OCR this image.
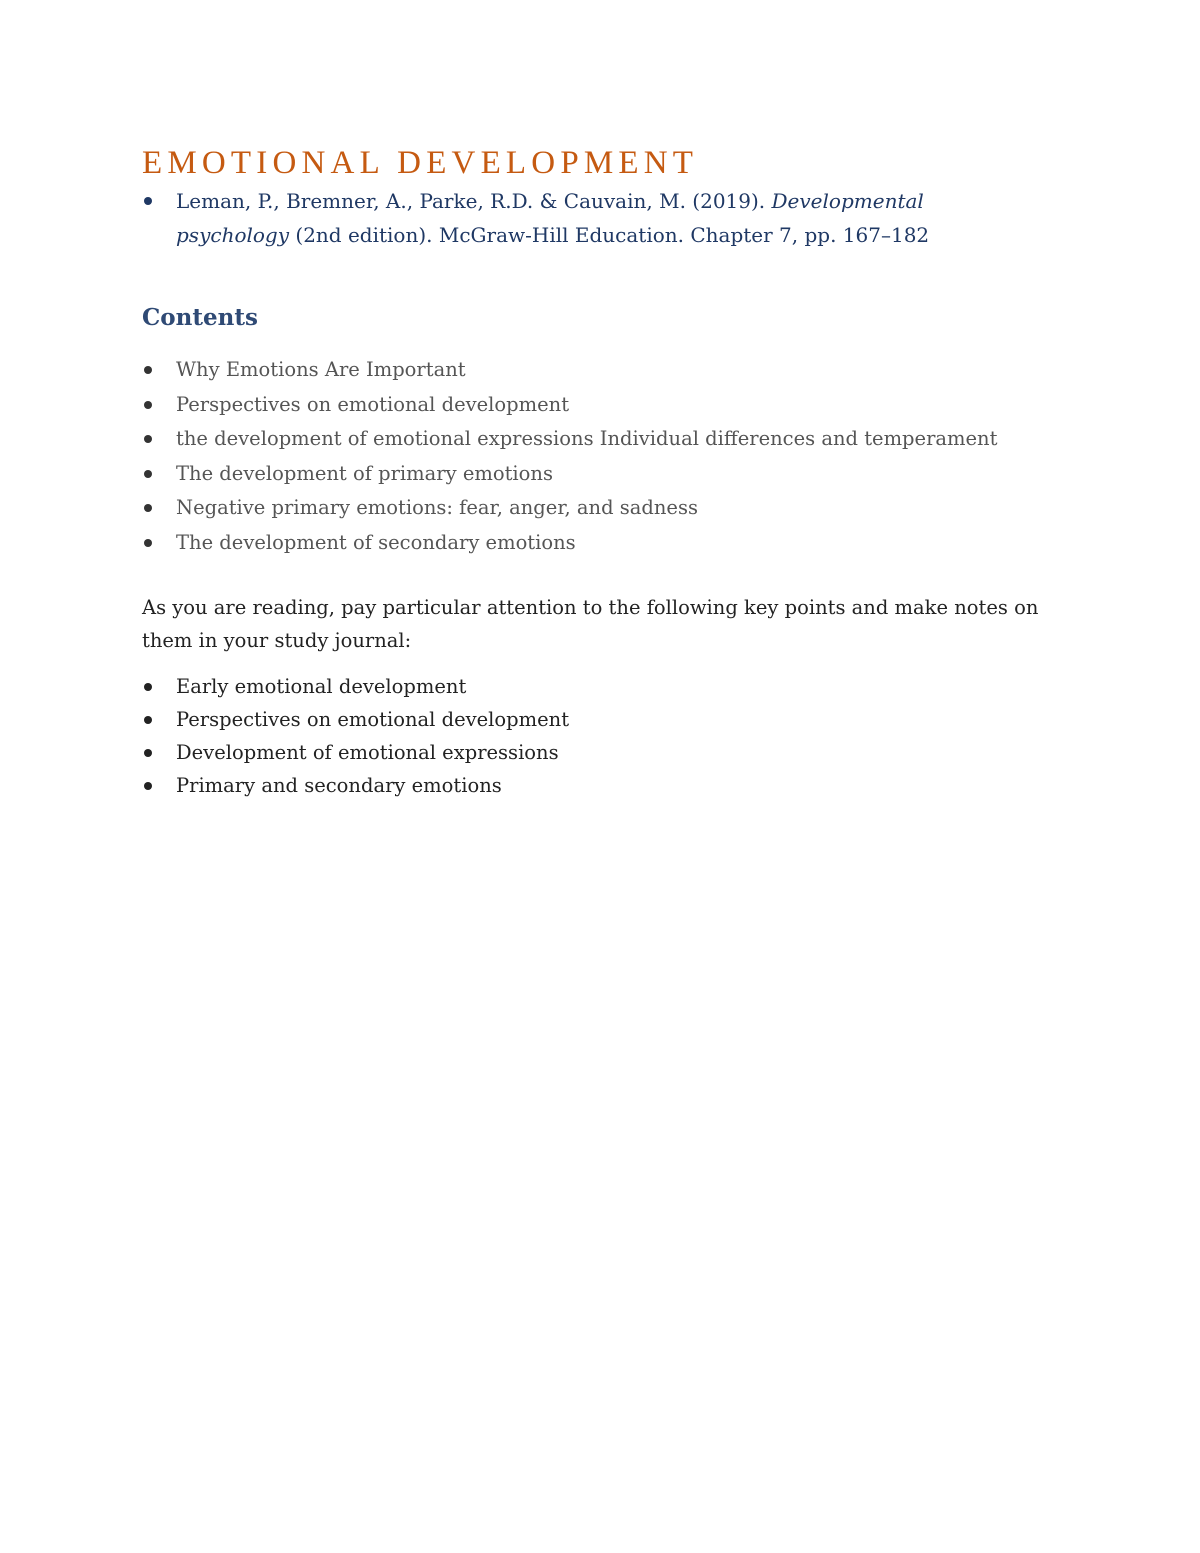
EMOTIONAL DEVELOPMENT
Leman, P., Bremner, A., Parke, R.D. & Cauvain, M. (2019). Developmental psychology (2nd edition). McGraw-Hill Education. Chapter 7, pp. 167–182
Contents
Why Emotions Are Important
Perspectives on emotional development
the development of emotional expressions Individual differences and temperament
The development of primary emotions
Negative primary emotions: fear, anger, and sadness
The development of secondary emotions

As you are reading, pay particular attention to the following key points and make notes on them in your study journal:

Early emotional development
Perspectives on emotional development
Development of emotional expressions
Primary and secondary emotions
